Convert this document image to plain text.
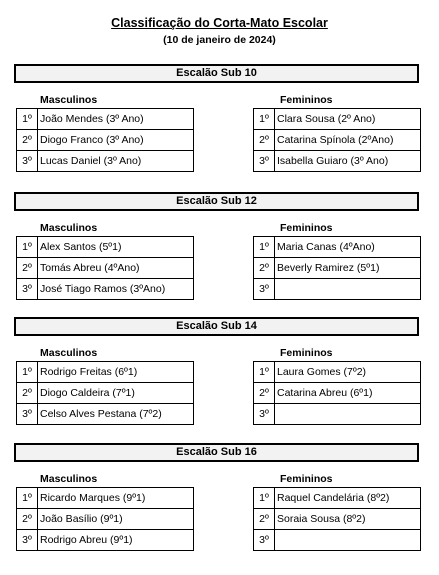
Classificação do Corta-Mato Escolar
(10 de janeiro de 2024)
Escalão Sub 10
Masculinos	Femininos
1º	João Mendes (3º Ano)
2º	Diogo Franco (3º Ano)
3º	Lucas Daniel (3º Ano)
1º	Clara Sousa (2º Ano)
2º	Catarina Spínola (2ºAno)
3º	Isabella Guiaro (3º Ano)
Escalão Sub 12
Masculinos	Femininos
1º	Alex Santos (5º1)
2º	Tomás Abreu (4ºAno)
3º	José Tiago Ramos (3ºAno)
1º	Maria Canas (4ºAno)
2º	Beverly Ramirez (5º1)
3º	
Escalão Sub 14
Masculinos	Femininos
1º	Rodrigo Freitas (6º1)
2º	Diogo Caldeira (7º1)
3º	Celso Alves Pestana (7º2)
1º	Laura Gomes (7º2)
2º	Catarina Abreu (6º1)
3º	
Escalão Sub 16
Masculinos	Femininos
1º	Ricardo Marques (9º1)
2º	João Basílio (9º1)
3º	Rodrigo Abreu (9º1)
1º	Raquel Candelária (8º2)
2º	Soraia Sousa (8º2)
3º	
